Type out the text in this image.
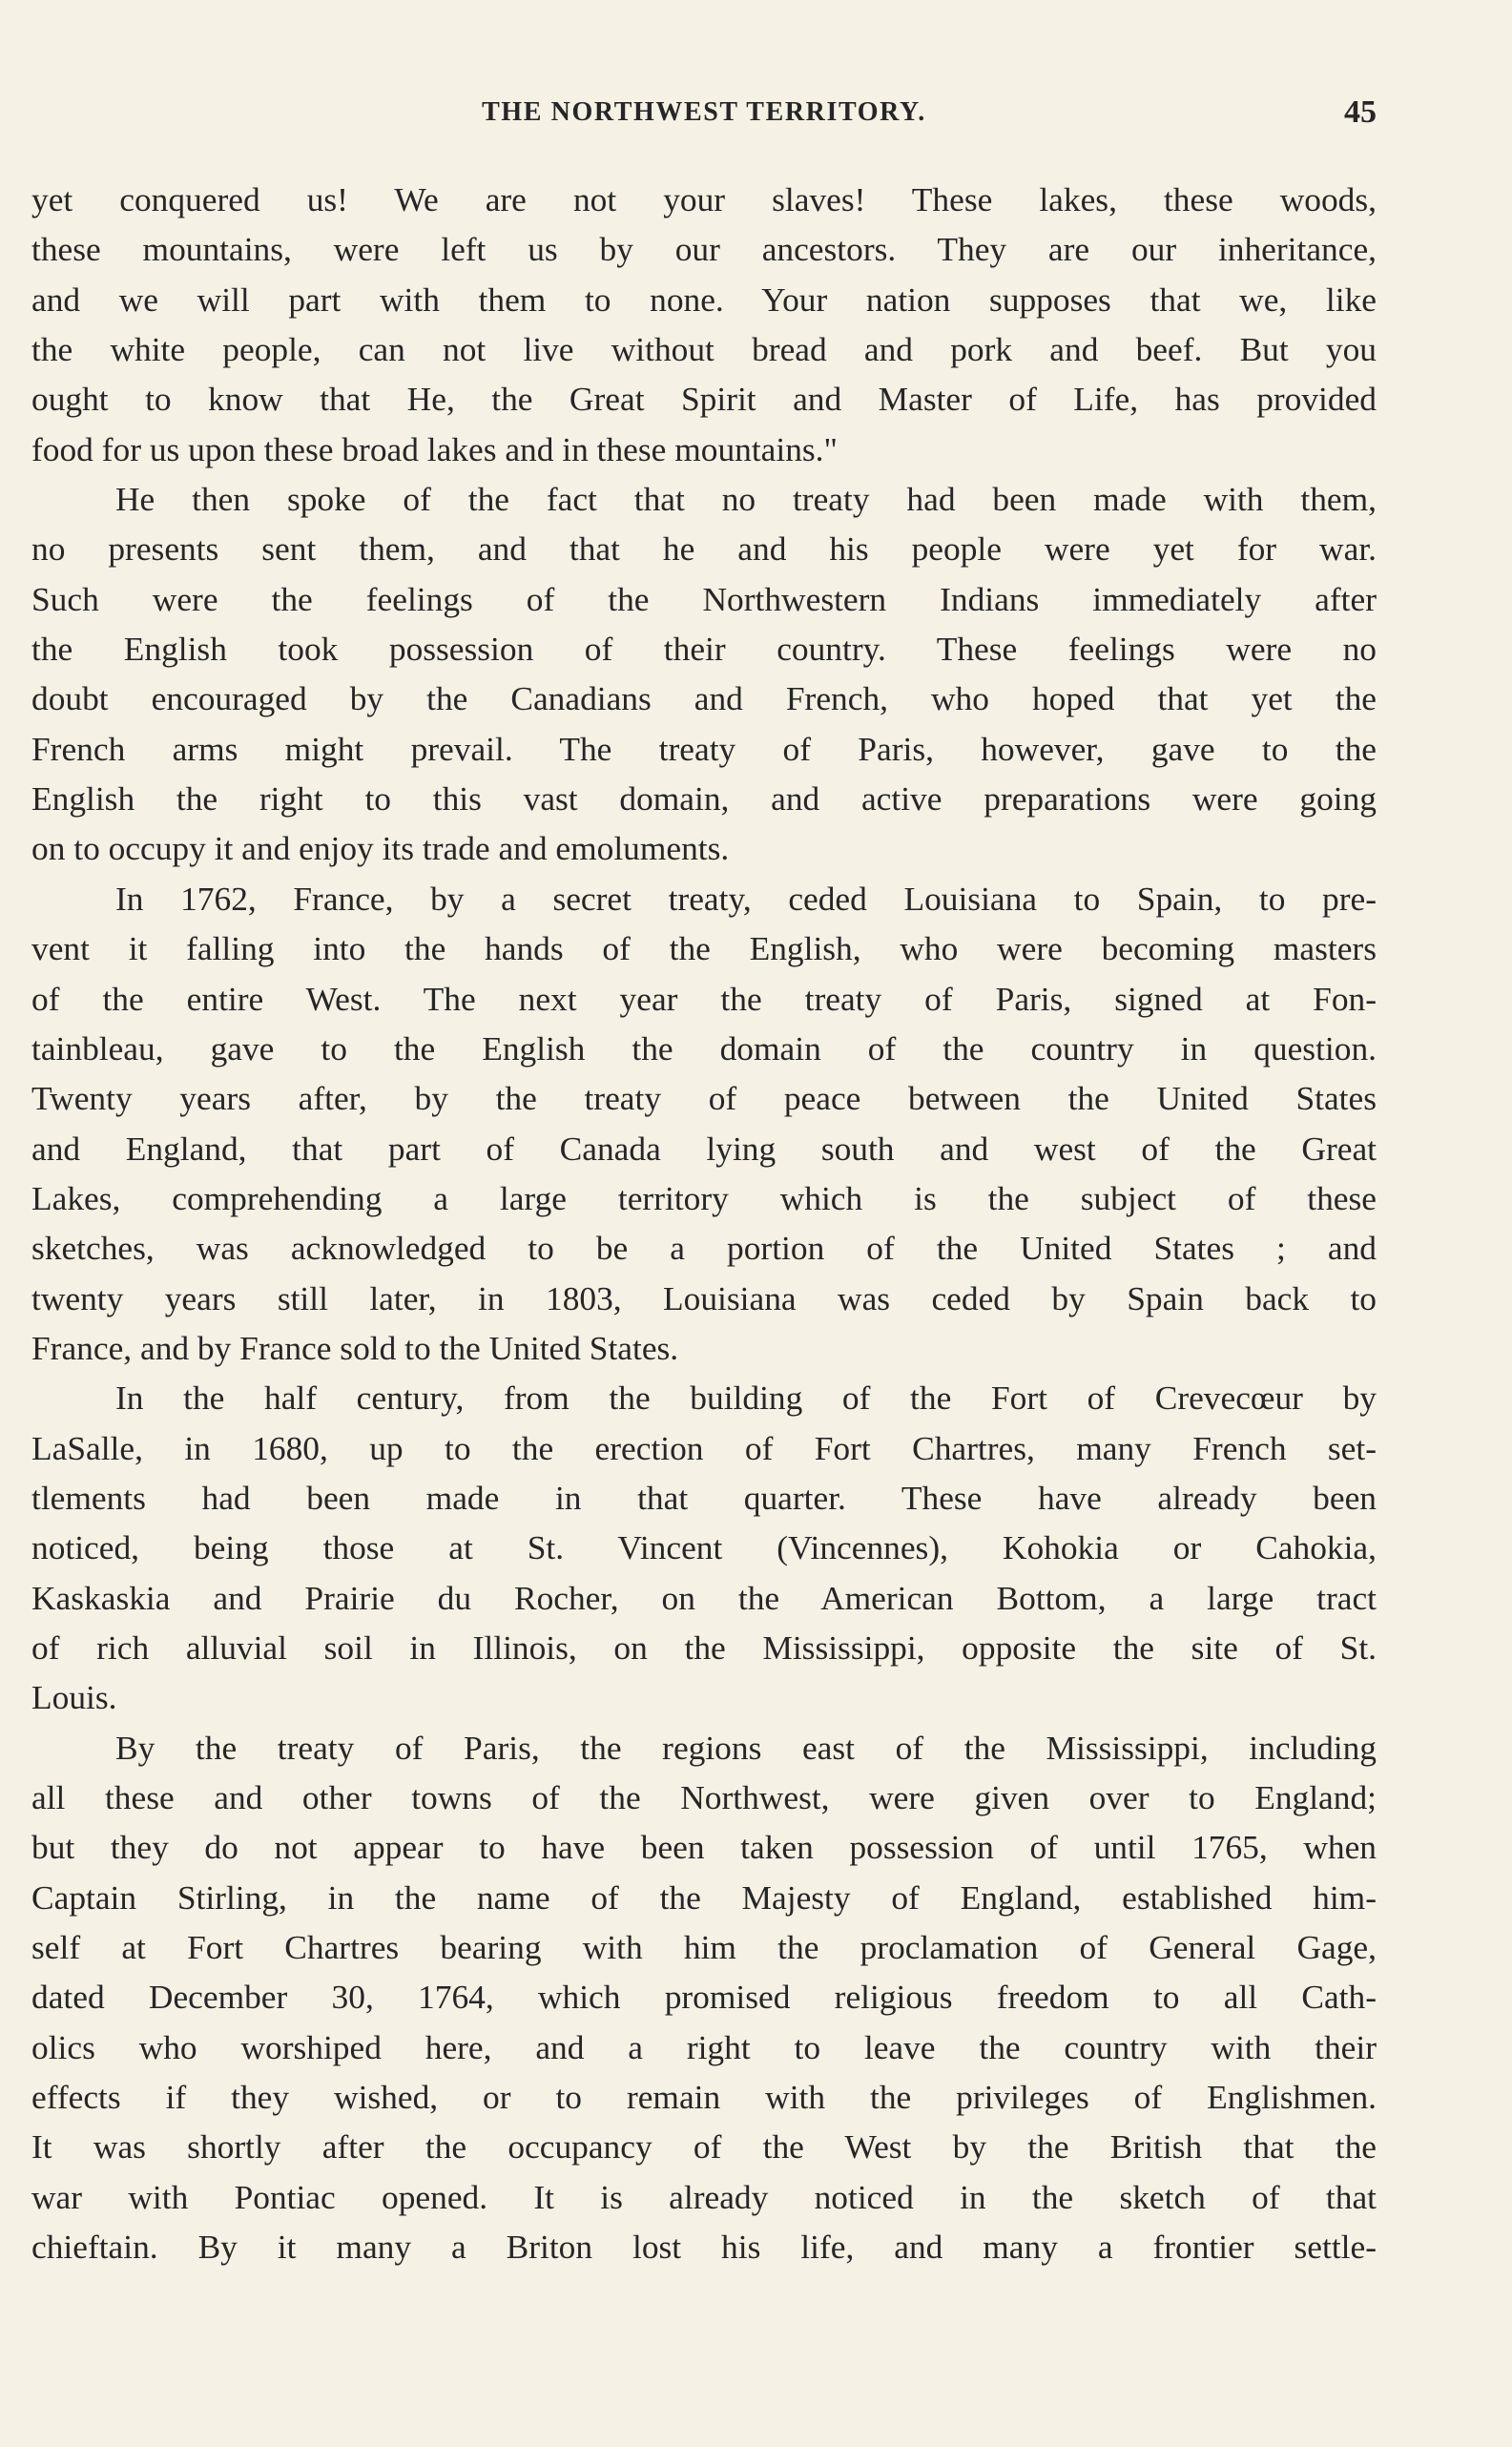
THE NORTHWEST TERRITORY.	45
yet conquered us! We are not your slaves! These lakes, these woods,
these mountains, were left us by our ancestors. They are our inheritance,
and we will part with them to none. Your nation supposes that we, like
the white people, can not live without bread and pork and beef. But you
ought to know that He, the Great Spirit and Master of Life, has provided
food for us upon these broad lakes and in these mountains."
He then spoke of the fact that no treaty had been made with them,
no presents sent them, and that he and his people were yet for war.
Such were the feelings of the Northwestern Indians immediately after
the English took possession of their country. These feelings were no
doubt encouraged by the Canadians and French, who hoped that yet the
French arms might prevail. The treaty of Paris, however, gave to the
English the right to this vast domain, and active preparations were going
on to occupy it and enjoy its trade and emoluments.
In 1762, France, by a secret treaty, ceded Louisiana to Spain, to pre-
vent it falling into the hands of the English, who were becoming masters
of the entire West. The next year the treaty of Paris, signed at Fon-
tainbleau, gave to the English the domain of the country in question.
Twenty years after, by the treaty of peace between the United States
and England, that part of Canada lying south and west of the Great
Lakes, comprehending a large territory which is the subject of these
sketches, was acknowledged to be a portion of the United States ; and
twenty years still later, in 1803, Louisiana was ceded by Spain back to
France, and by France sold to the United States.
In the half century, from the building of the Fort of Crevecœur by
LaSalle, in 1680, up to the erection of Fort Chartres, many French set-
tlements had been made in that quarter. These have already been
noticed, being those at St. Vincent (Vincennes), Kohokia or Cahokia,
Kaskaskia and Prairie du Rocher, on the American Bottom, a large tract
of rich alluvial soil in Illinois, on the Mississippi, opposite the site of St.
Louis.
By the treaty of Paris, the regions east of the Mississippi, including
all these and other towns of the Northwest, were given over to England;
but they do not appear to have been taken possession of until 1765, when
Captain Stirling, in the name of the Majesty of England, established him-
self at Fort Chartres bearing with him the proclamation of General Gage,
dated December 30, 1764, which promised religious freedom to all Cath-
olics who worshiped here, and a right to leave the country with their
effects if they wished, or to remain with the privileges of Englishmen.
It was shortly after the occupancy of the West by the British that the
war with Pontiac opened. It is already noticed in the sketch of that
chieftain. By it many a Briton lost his life, and many a frontier settle-
